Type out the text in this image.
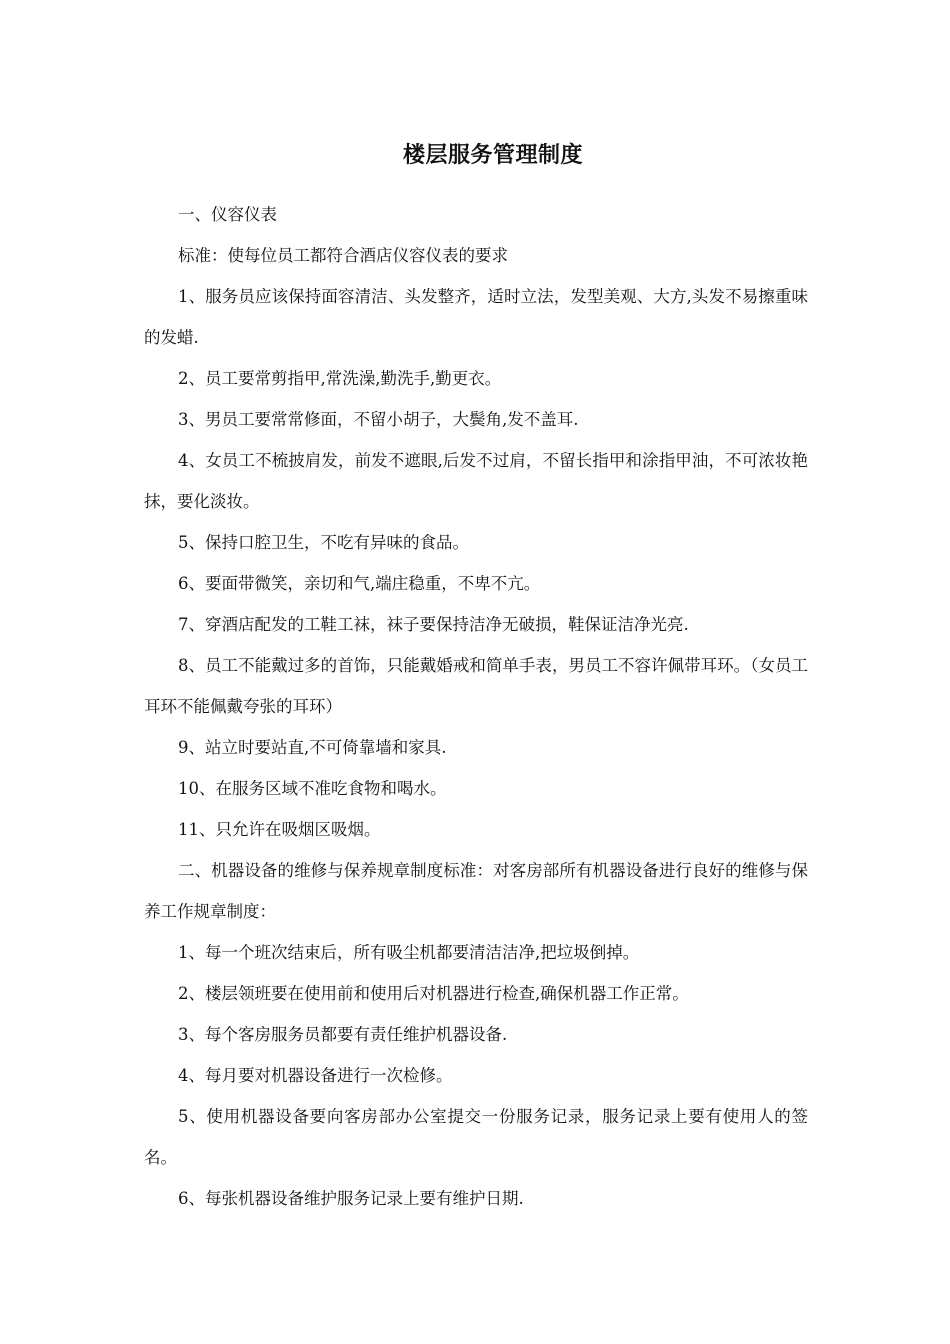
楼层服务管理制度

一、仪容仪表

标准：使每位员工都符合酒店仪容仪表的要求

1、服务员应该保持面容清洁、头发整齐，适时立法，发型美观、大方,头发不易擦重味的发蜡.

2、员工要常剪指甲,常洗澡,勤洗手,勤更衣。

3、男员工要常常修面，不留小胡子，大鬓角,发不盖耳.

4、女员工不梳披肩发，前发不遮眼,后发不过肩，不留长指甲和涂指甲油，不可浓妆艳抹，要化淡妆。

5、保持口腔卫生，不吃有异味的食品。

6、要面带微笑，亲切和气,端庄稳重，不卑不亢。

7、穿酒店配发的工鞋工袜，袜子要保持洁净无破损，鞋保证洁净光亮.

8、员工不能戴过多的首饰，只能戴婚戒和简单手表，男员工不容许佩带耳环。（女员工耳环不能佩戴夸张的耳环）

9、站立时要站直,不可倚靠墙和家具.

10、在服务区域不准吃食物和喝水。

11、只允许在吸烟区吸烟。

二、机器设备的维修与保养规章制度标准：对客房部所有机器设备进行良好的维修与保养工作规章制度：

1、每一个班次结束后，所有吸尘机都要清洁洁净,把垃圾倒掉。

2、楼层领班要在使用前和使用后对机器进行检查,确保机器工作正常。

3、每个客房服务员都要有责任维护机器设备.

4、每月要对机器设备进行一次检修。

5、使用机器设备要向客房部办公室提交一份服务记录，服务记录上要有使用人的签名。

6、每张机器设备维护服务记录上要有维护日期.
